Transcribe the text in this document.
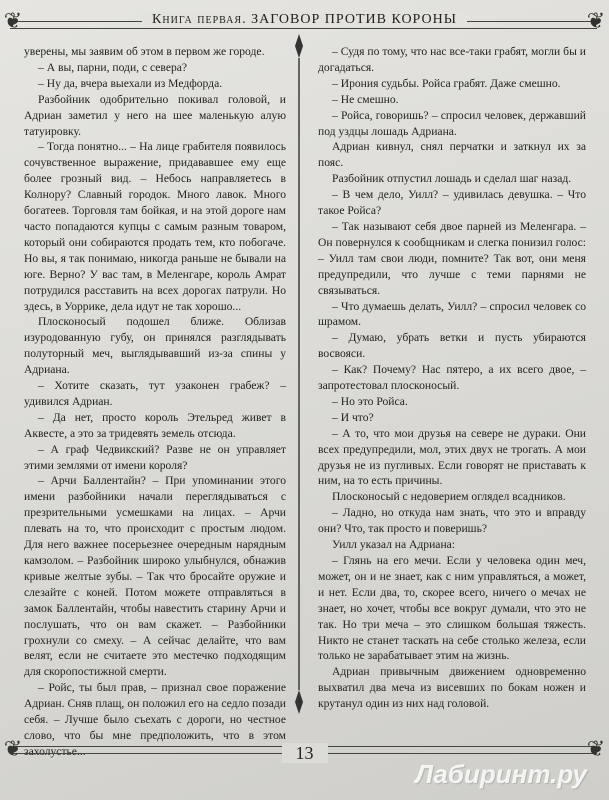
❦	❦
Книга первая. ЗАГОВОР ПРОТИВ КОРОНЫ

уверены, мы заявим об этом в первом же городе.

– А вы, парни, поди, с севера?

– Ну да, вчера выехали из Медфорда.

Разбойник одобрительно покивал головой, и Адриан заметил у него на шее маленькую алую татуировку.

– Тогда понятно... – На лице грабителя появилось сочувственное выражение, придававшее ему еще более грозный вид. – Небось направляетесь в Колнору? Славный городок. Много лавок. Много богатеев. Торговля там бойкая, и на этой дороге нам часто попадаются купцы с самым разным товаром, который они собираются продать тем, кто побогаче. Но вы, я так понимаю, никогда раньше не бывали на юге. Верно? У вас там, в Меленгаре, король Амрат потрудился расставить на всех дорогах патрули. Но здесь, в Уоррике, дела идут не так хорошо...

Плосконосый подошел ближе. Облизав изуродованную губу, он принялся разглядывать полуторный меч, выглядывавший из-за спины у Адриана.

– Хотите сказать, тут узаконен грабеж? – удивился Адриан.

– Да нет, просто король Этельред живет в Аквесте, а это за тридевять земель отсюда.

– А граф Чедвикский? Разве не он управляет этими землями от имени короля?

– Арчи Баллентайн? – При упоминании этого имени разбойники начали переглядываться с презрительными усмешками на лицах. – Арчи плевать на то, что происходит с простым людом. Для него важнее посерьезнее очередным нарядным камзолом. – Разбойник широко улыбнулся, обнажив кривые желтые зубы. – Так что бросайте оружие и слезайте с коней. Потом можете отправляться в замок Баллентайн, чтобы навестить старину Арчи и послушать, что он вам скажет. – Разбойники грохнули со смеху. – А сейчас делайте, что вам велят, если не считаете это местечко подходящим для скоропостижной смерти.

– Ройс, ты был прав, – признал свое поражение Адриан. Сняв плащ, он положил его на седло позади себя. – Лучше было съехать с дороги, но честное слово, что бы мне предположить, что в этом захолустье...

– Судя по тому, что нас все-таки грабят, могли бы и догадаться.

– Ирония судьбы. Ройса грабят. Даже смешно.

– Не смешно.

– Ройса, говоришь? – спросил человек, державший под уздцы лошадь Адриана.

Адриан кивнул, снял перчатки и заткнул их за пояс.

Разбойник отпустил лошадь и сделал шаг назад.

– В чем дело, Уилл? – удивилась девушка. – Что такое Ройса?

– Так называют себя двое парней из Меленгара. – Он повернулся к сообщникам и слегка понизил голос: – Уилл там свои люди, помните? Так вот, они меня предупредили, что лучше с теми парнями не связываться.

– Что думаешь делать, Уилл? – спросил человек со шрамом.

– Думаю, убрать ветки и пусть убираются восвояси.

– Как? Почему? Нас пятеро, а их всего двое, – запротестовал плосконосый.

– Но это Ройса.

– И что?

– А то, что мои друзья на севере не дураки. Они всех предупредили, мол, этих двух не трогать. А мои друзья не из пугливых. Если говорят не приставать к ним, на то есть причины.

Плосконосый с недоверием оглядел всадников.

– Ладно, но откуда нам знать, что это и вправду они? Что, так просто и поверишь?

Уилл указал на Адриана:

– Глянь на его мечи. Если у человека один меч, может, он и не знает, как с ним управляться, а может, и нет. Если два, то, скорее всего, ничего о мечах не знает, но хочет, чтобы все вокруг думали, что это не так. Но три меча – это слишком большая тяжесть. Никто не станет таскать на себе столько железа, если только не зарабатывает этим на жизнь.

Адриан привычным движением одновременно выхватил два меча из висевших по бокам ножен и крутанул один из них над головой.

❦	❦
13
Лабиринт.ру
